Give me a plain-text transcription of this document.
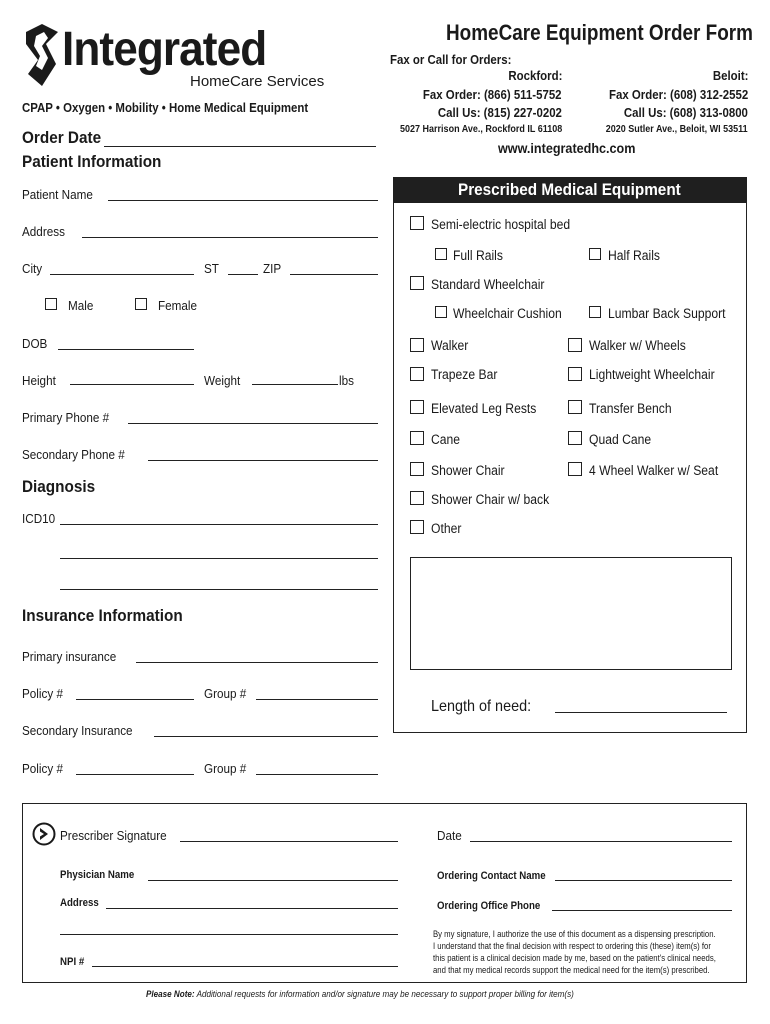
Integrated
HomeCare Services
CPAP • Oxygen • Mobility • Home Medical Equipment
Order Date
HomeCare Equipment Order Form
Fax or Call for Orders:
Rockford:
Fax Order: (866) 511-5752
Call Us: (815) 227-0202
5027 Harrison Ave., Rockford IL 61108
Beloit:
Fax Order: (608) 312-2552
Call Us: (608) 313-0800
2020 Sutler Ave., Beloit, WI 53511
www.integratedhc.com
Patient Information
Patient Name
Address
City	ST	ZIP
Male	Female
DOB
Height	Weight	lbs
Primary Phone #
Secondary Phone #
Diagnosis
ICD10
Insurance Information
Primary insurance
Policy #	Group #
Secondary Insurance
Policy #	Group #
Prescribed Medical Equipment
Semi-electric hospital bed
Full Rails	Half Rails
Standard Wheelchair
Wheelchair Cushion	Lumbar Back Support
Walker	Walker w/ Wheels
Trapeze Bar	Lightweight Wheelchair
Elevated Leg Rests	Transfer Bench
Cane	Quad Cane
Shower Chair	4 Wheel Walker w/ Seat
Shower Chair w/ back
Other
Length of need:
Prescriber Signature	Date
Physician Name	Ordering Contact Name
Address	Ordering Office Phone
NPI #
By my signature, I authorize the use of this document as a dispensing prescription.
I understand that the final decision with respect to ordering this (these) item(s) for
this patient is a clinical decision made by me, based on the patient's clinical needs,
and that my medical records support the medical need for the item(s) prescribed.
Please Note: Additional requests for information and/or signature may be necessary to support proper billing for item(s)
